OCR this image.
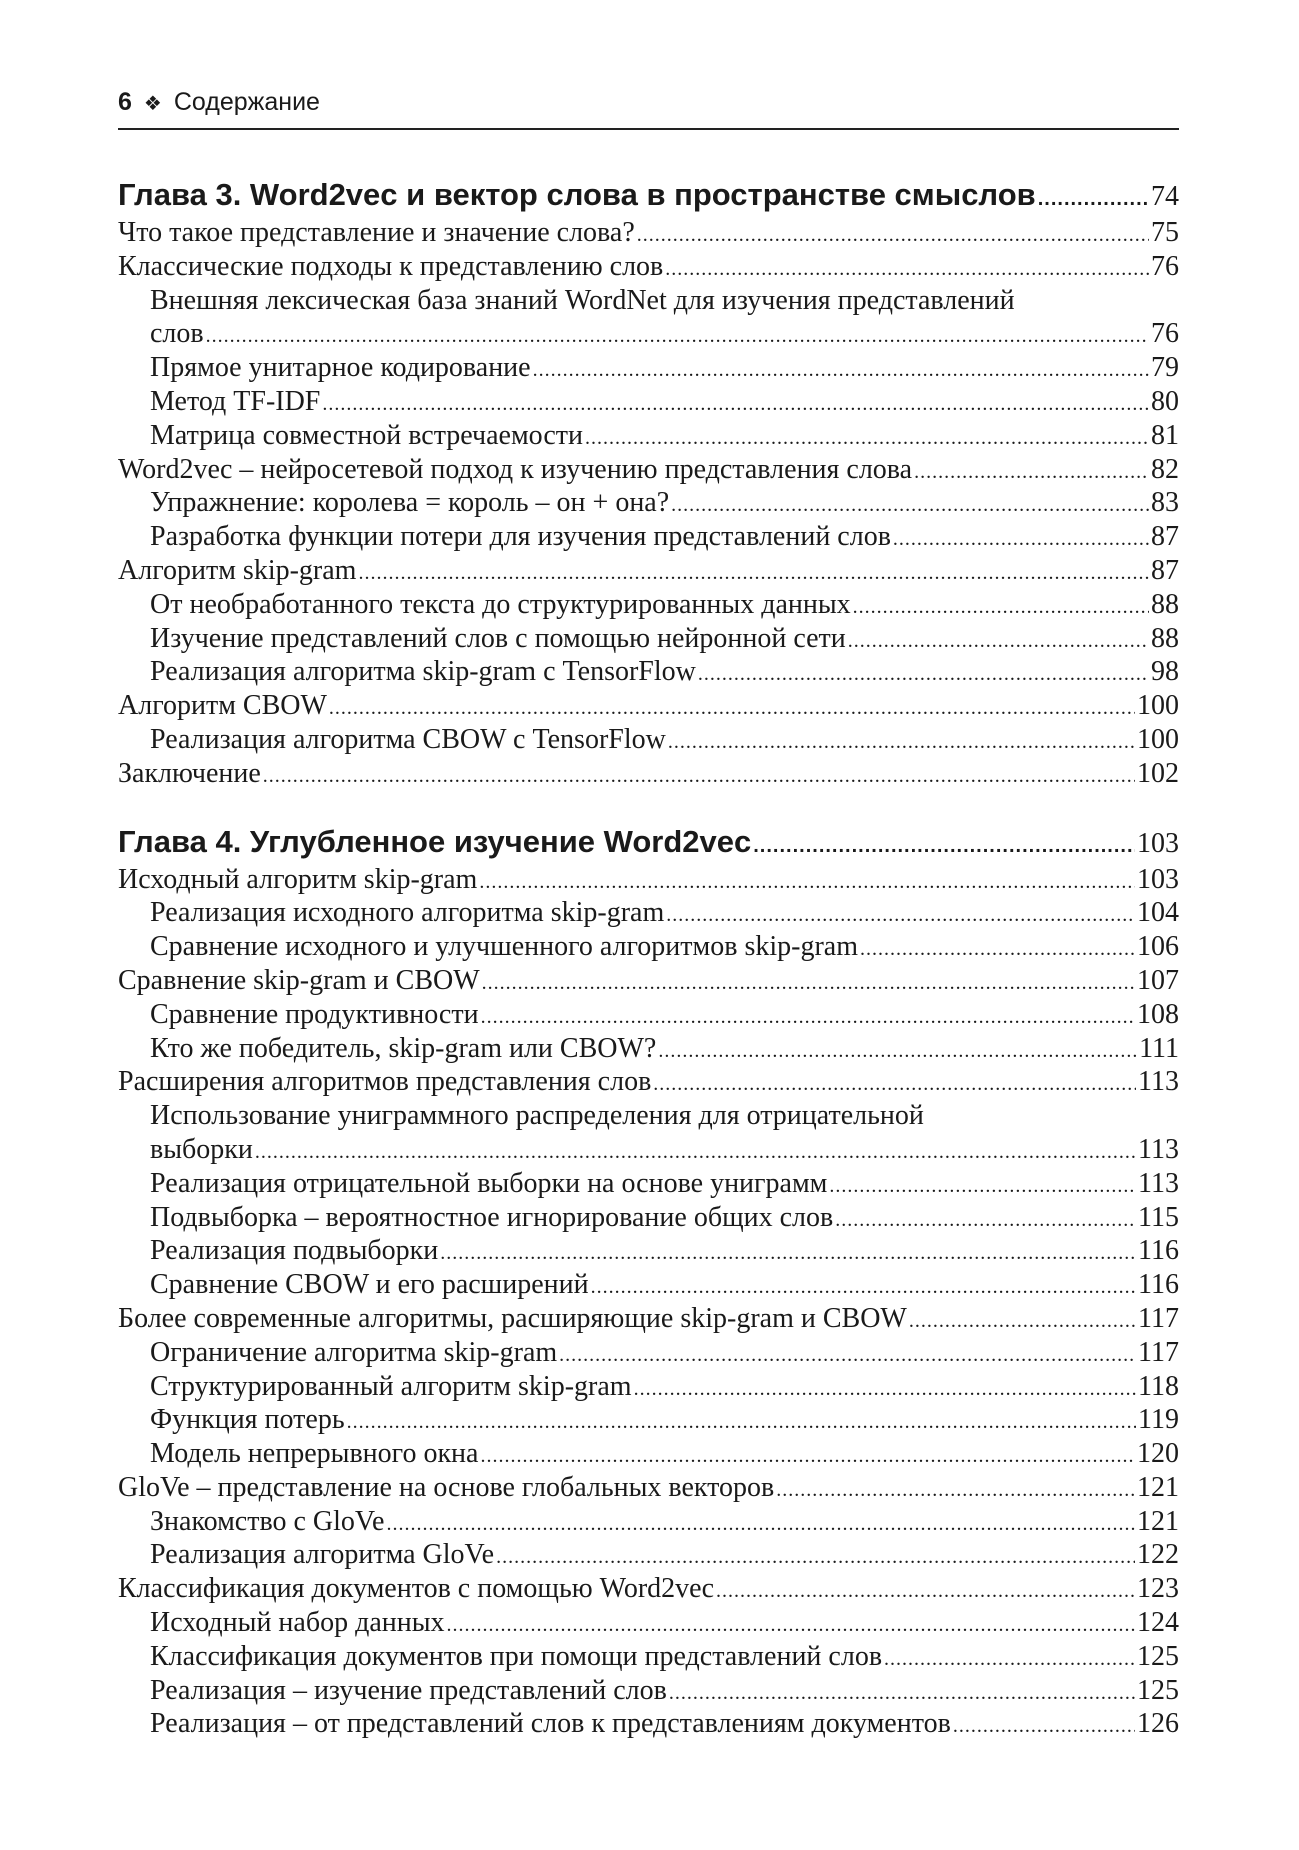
6 ❖ Содержание
Глава 3. Word2vec и вектор слова в пространстве смыслов .....	74
Что такое представление и значение слова? .....	75
Классические подходы к представлению слов .....	76
Внешняя лексическая база знаний WordNet для изучения представлений
слов .....	76
Прямое унитарное кодирование .....	79
Метод TF-IDF .....	80
Матрица совместной встречаемости .....	81
Word2vec – нейросетевой подход к изучению представления слова .....	82
Упражнение: королева = король – он + она? .....	83
Разработка функции потери для изучения представлений слов .....	87
Алгоритм skip-gram .....	87
От необработанного текста до структурированных данных .....	88
Изучение представлений слов с помощью нейронной сети .....	88
Реализация алгоритма skip-gram с TensorFlow .....	98
Алгоритм CBOW .....	100
Реализация алгоритма CBOW с TensorFlow .....	100
Заключение .....	102
Глава 4. Углубленное изучение Word2vec .....	103
Исходный алгоритм skip-gram .....	103
Реализация исходного алгоритма skip-gram .....	104
Сравнение исходного и улучшенного алгоритмов skip-gram .....	106
Сравнение skip-gram и CBOW .....	107
Сравнение продуктивности .....	108
Кто же победитель, skip-gram или CBOW? .....	111
Расширения алгоритмов представления слов .....	113
Использование униграммного распределения для отрицательной
выборки .....	113
Реализация отрицательной выборки на основе униграмм .....	113
Подвыборка – вероятностное игнорирование общих слов .....	115
Реализация подвыборки .....	116
Сравнение CBOW и его расширений .....	116
Более современные алгоритмы, расширяющие skip-gram и CBOW .....	117
Ограничение алгоритма skip-gram .....	117
Структурированный алгоритм skip-gram .....	118
Функция потерь .....	119
Модель непрерывного окна .....	120
GloVe – представление на основе глобальных векторов .....	121
Знакомство с GloVe .....	121
Реализация алгоритма GloVe .....	122
Классификация документов с помощью Word2vec .....	123
Исходный набор данных .....	124
Классификация документов при помощи представлений слов .....	125
Реализация – изучение представлений слов .....	125
Реализация – от представлений слов к представлениям документов .....	126
